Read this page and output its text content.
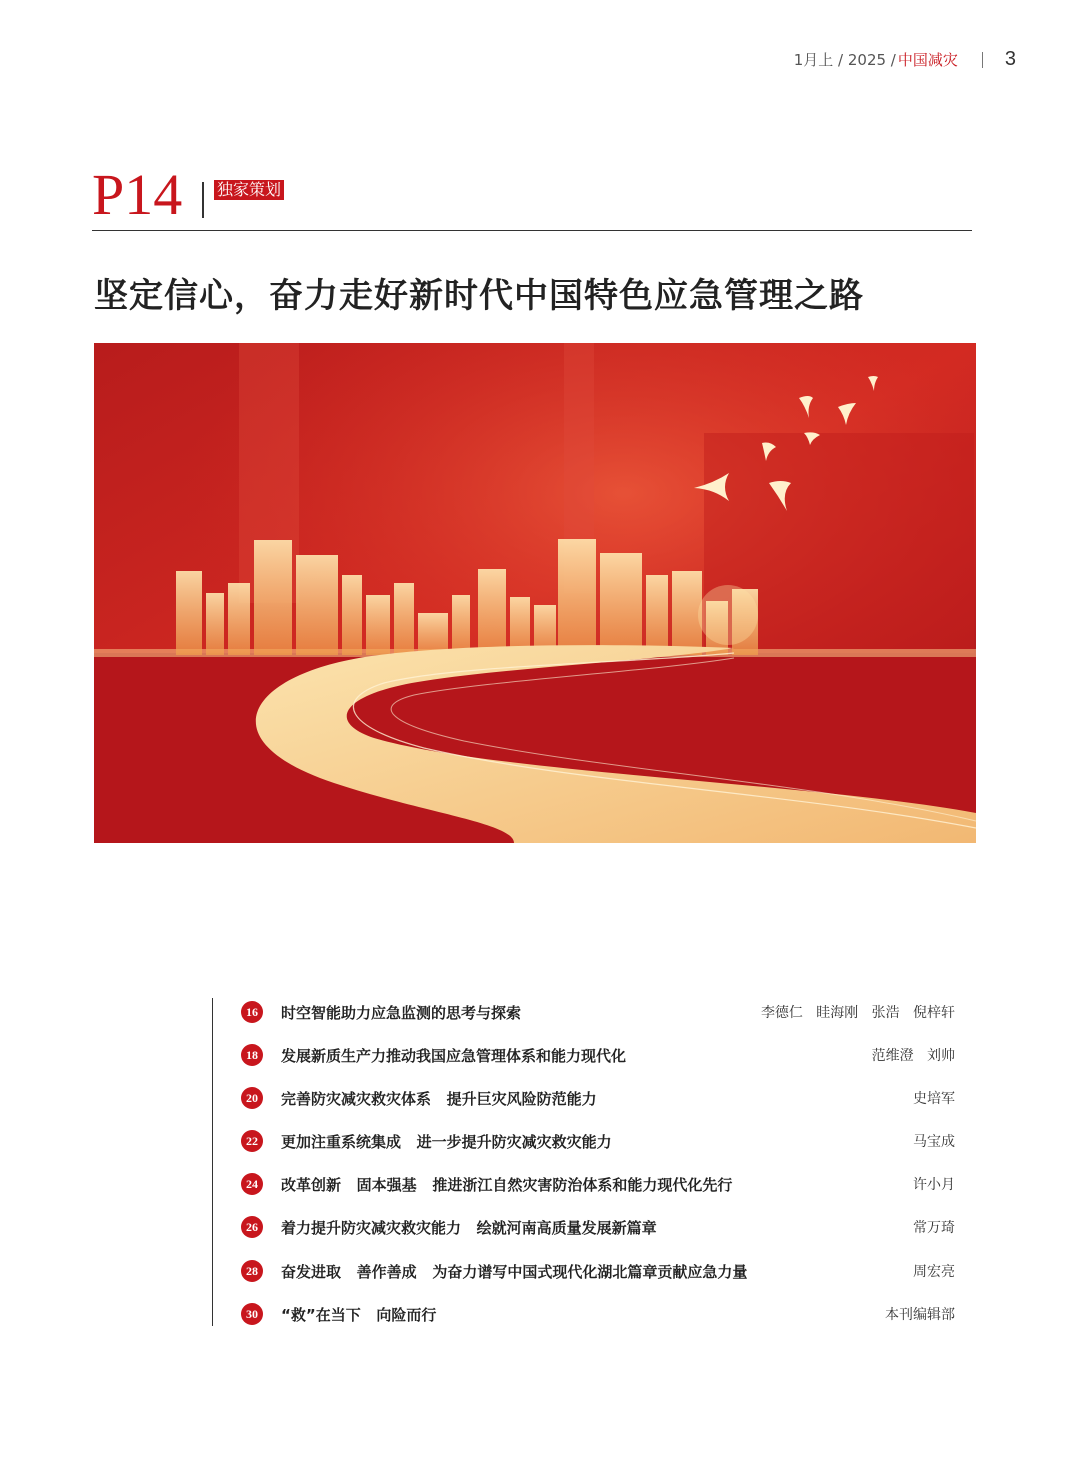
1月上 / 2025 / 中国减灾 3
P14 独家策划
坚定信心，奋力走好新时代中国特色应急管理之路
16	时空智能助力应急监测的思考与探索	李德仁   眭海刚   张浩   倪梓轩
18	发展新质生产力推动我国应急管理体系和能力现代化	范维澄   刘帅
20	完善防灾减灾救灾体系   提升巨灾风险防范能力	史培军
22	更加注重系统集成   进一步提升防灾减灾救灾能力	马宝成
24	改革创新   固本强基   推进浙江自然灾害防治体系和能力现代化先行	许小月
26	着力提升防灾减灾救灾能力   绘就河南高质量发展新篇章	常万琦
28	奋发进取   善作善成   为奋力谱写中国式现代化湖北篇章贡献应急力量	周宏亮
30	“救”在当下   向险而行	本刊编辑部
